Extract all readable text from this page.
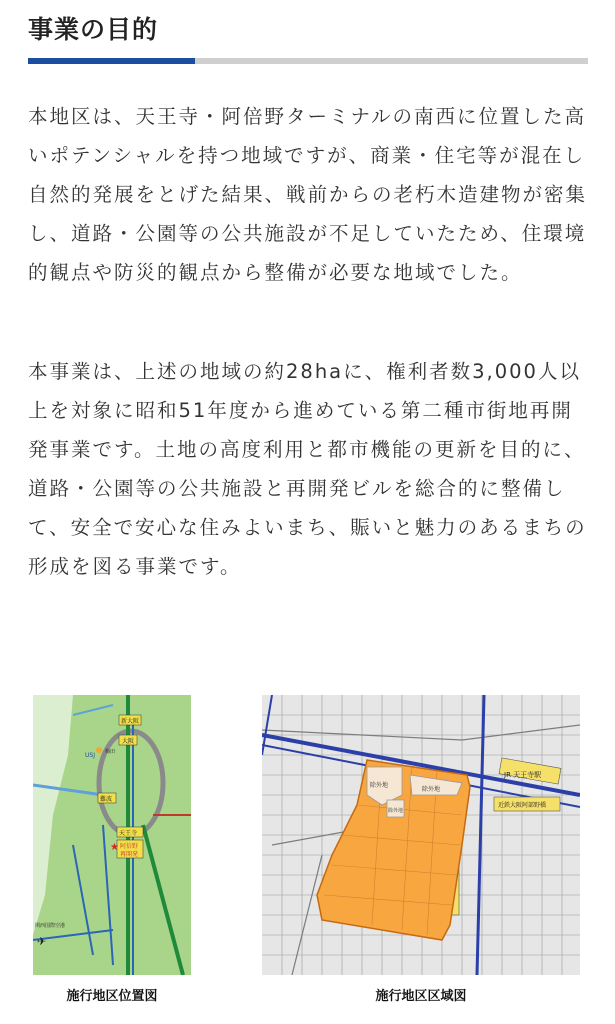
事業の目的

本地区は、天王寺・阿倍野ターミナルの南西に位置した高いポテンシャルを持つ地域ですが、商業・住宅等が混在し自然的発展をとげた結果、戦前からの老朽木造建物が密集し、道路・公園等の公共施設が不足していたため、住環境的観点や防災的観点から整備が必要な地域でした。

本事業は、上述の地域の約28haに、権利者数3,000人以上を対象に昭和51年度から進めている第二種市街地再開発事業です。土地の高度利用と都市機能の更新を目的に、道路・公園等の公共施設と再開発ビルを総合的に整備して、安全で安心な住みよいまち、賑いと魅力のあるまちの形成を図る事業です。

新大阪
大阪
梅田
USJ
難波
天王寺
阿倍野
再開発
★
関西国際空港
✈
施行地区位置図
JR 天王寺駅
近鉄大阪阿部野橋
除外地
除外地
除外地
施行地区区域図
